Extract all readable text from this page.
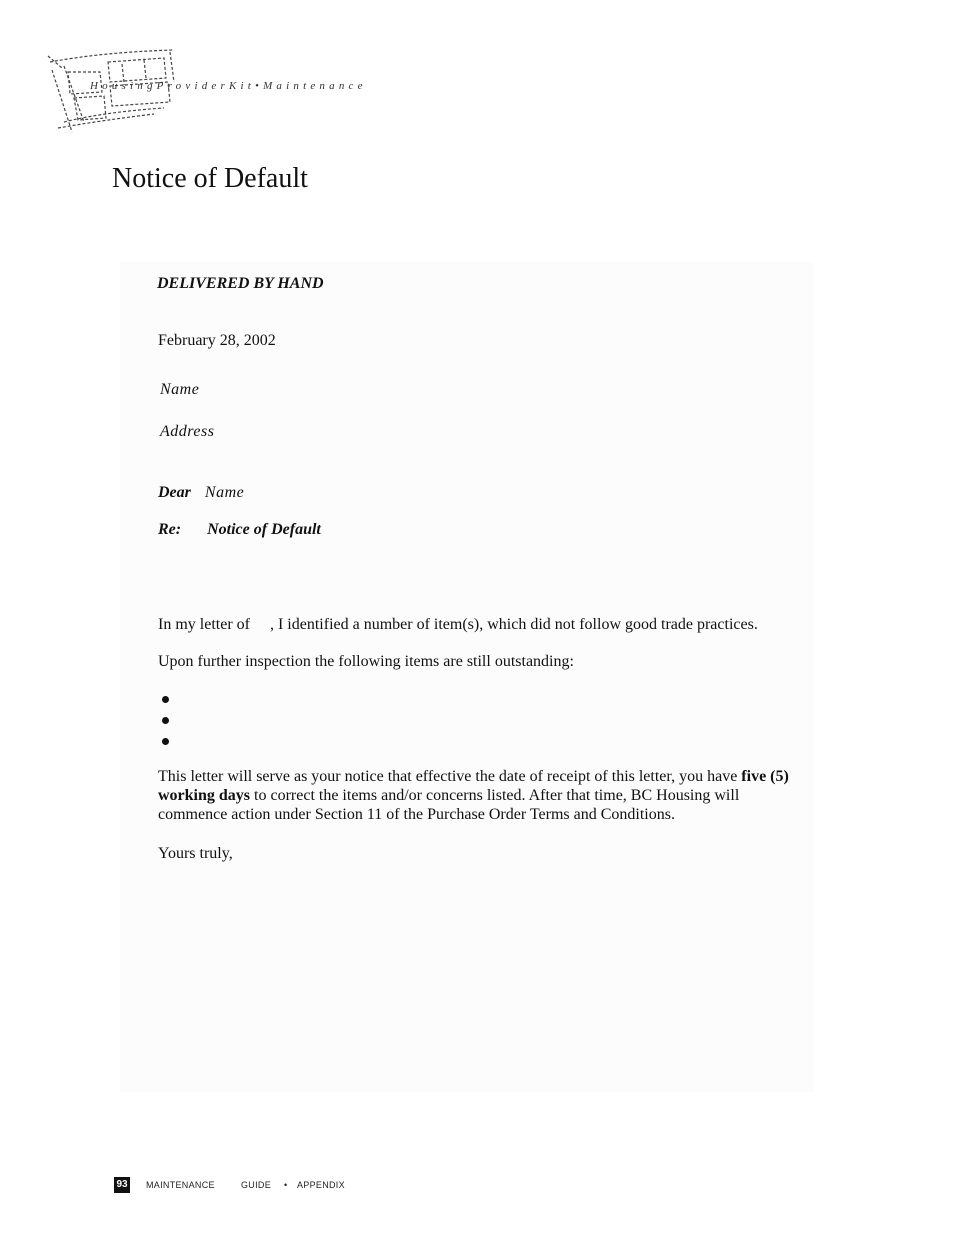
HousingProviderKit•Maintenance
Notice of Default
DELIVERED BY HAND
February 28, 2002
Name
Address
Dear Name
Re: Notice of Default
In my letter of     , I identified a number of item(s), which did not follow good trade practices.
Upon further inspection the following items are still outstanding:
This letter will serve as your notice that effective the date of receipt of this letter, you have five (5) working days to correct the items and/or concerns listed. After that time, BC Housing will commence action under Section 11 of the Purchase Order Terms and Conditions.
Yours truly,
93 MAINTENANCE	GUIDE • APPENDIX
